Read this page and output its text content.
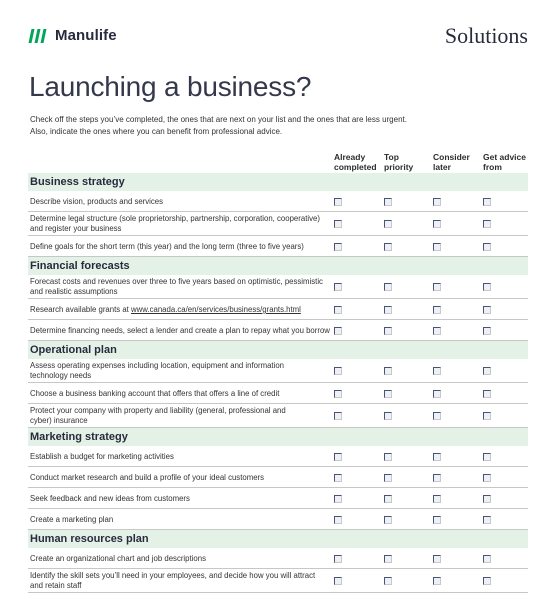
Manulife	Solutions
Launching a business?
Check off the steps you’ve completed, the ones that are next on your list and the ones that are less urgent.
Also, indicate the ones where you can benefit from professional advice.
Already
completed
Top
priority
Consider
later
Get advice
from
Business strategy
Describe vision, products and services
Determine legal structure (sole proprietorship, partnership, corporation, cooperative)
and register your business
Define goals for the short term (this year) and the long term (three to five years)
Financial forecasts
Forecast costs and revenues over three to five years based on optimistic, pessimistic
and realistic assumptions
Research available grants at www.canada.ca/en/services/business/grants.html
Determine financing needs, select a lender and create a plan to repay what you borrow
Operational plan
Assess operating expenses including location, equipment and information
technology needs
Choose a business banking account that offers that offers a line of credit
Protect your company with property and liability (general, professional and
cyber) insurance
Marketing strategy
Establish a budget for marketing activities
Conduct market research and build a profile of your ideal customers
Seek feedback and new ideas from customers
Create a marketing plan
Human resources plan
Create an organizational chart and job descriptions
Identify the skill sets you’ll need in your employees, and decide how you will attract
and retain staff
